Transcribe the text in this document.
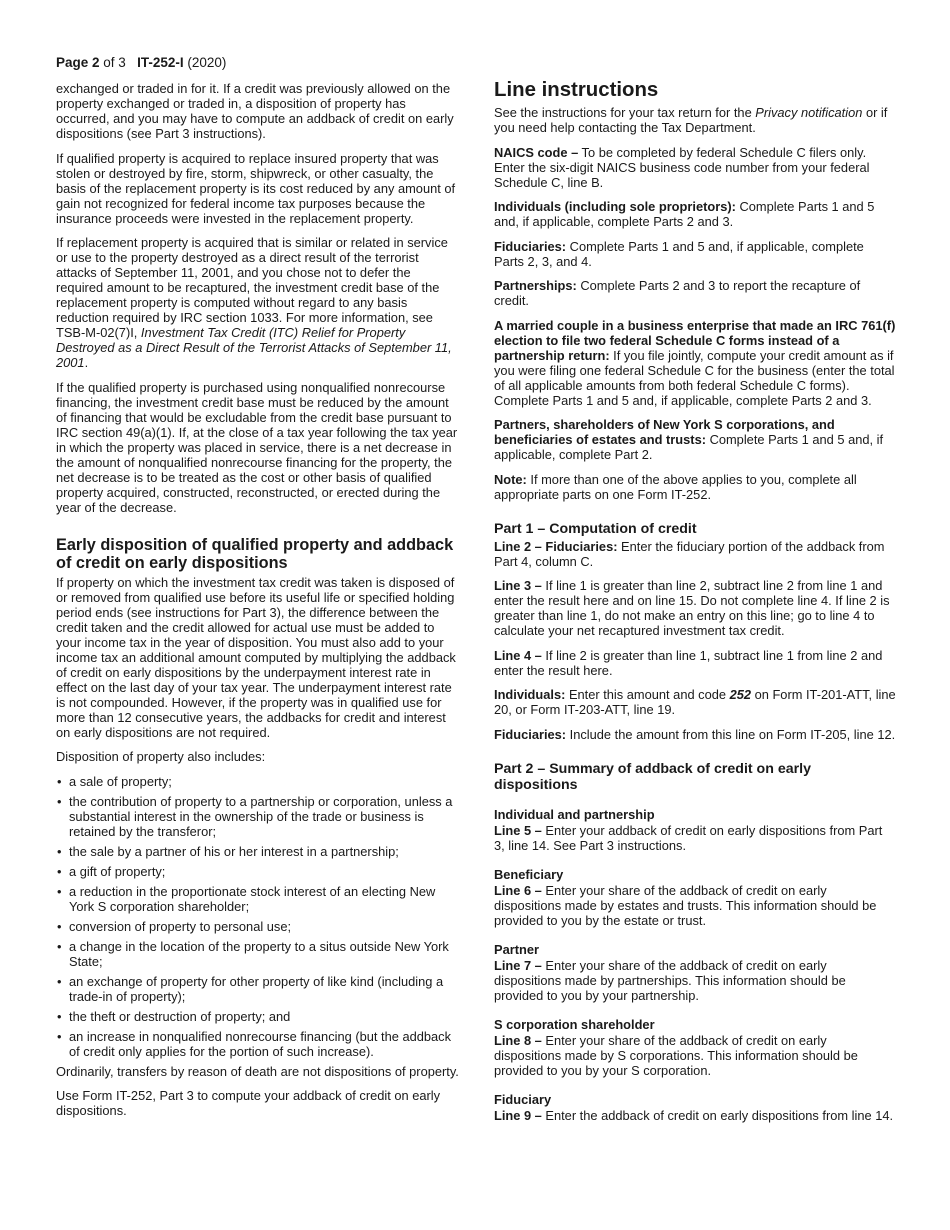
Page 2 of 3 IT-252-I (2020)

exchanged or traded in for it. If a credit was previously allowed on the property exchanged or traded in, a disposition of property has occurred, and you may have to compute an addback of credit on early dispositions (see Part 3 instructions).

If qualified property is acquired to replace insured property that was stolen or destroyed by fire, storm, shipwreck, or other casualty, the basis of the replacement property is its cost reduced by any amount of gain not recognized for federal income tax purposes because the insurance proceeds were invested in the replacement property.

If replacement property is acquired that is similar or related in service or use to the property destroyed as a direct result of the terrorist attacks of September 11, 2001, and you chose not to defer the required amount to be recaptured, the investment credit base of the replacement property is computed without regard to any basis reduction required by IRC section 1033. For more information, see TSB-M-02(7)I, Investment Tax Credit (ITC) Relief for Property Destroyed as a Direct Result of the Terrorist Attacks of September 11, 2001.

If the qualified property is purchased using nonqualified nonrecourse financing, the investment credit base must be reduced by the amount of financing that would be excludable from the credit base pursuant to IRC section 49(a)(1). If, at the close of a tax year following the tax year in which the property was placed in service, there is a net decrease in the amount of nonqualified nonrecourse financing for the property, the net decrease is to be treated as the cost or other basis of qualified property acquired, constructed, reconstructed, or erected during the year of the decrease.

Early disposition of qualified property and addback of credit on early dispositions

If property on which the investment tax credit was taken is disposed of or removed from qualified use before its useful life or specified holding period ends (see instructions for Part 3), the difference between the credit taken and the credit allowed for actual use must be added to your income tax in the year of disposition. You must also add to your income tax an additional amount computed by multiplying the addback of credit on early dispositions by the underpayment interest rate in effect on the last day of your tax year. The underpayment interest rate is not compounded. However, if the property was in qualified use for more than 12 consecutive years, the addbacks for credit and interest on early dispositions are not required.

Disposition of property also includes:

• a sale of property;
• the contribution of property to a partnership or corporation, unless a substantial interest in the ownership of the trade or business is retained by the transferor;
• the sale by a partner of his or her interest in a partnership;
• a gift of property;
• a reduction in the proportionate stock interest of an electing New York S corporation shareholder;
• conversion of property to personal use;
• a change in the location of the property to a situs outside New York State;
• an exchange of property for other property of like kind (including a trade-in of property);
• the theft or destruction of property; and
• an increase in nonqualified nonrecourse financing (but the addback of credit only applies for the portion of such increase).

Ordinarily, transfers by reason of death are not dispositions of property.

Use Form IT-252, Part 3 to compute your addback of credit on early dispositions.

Line instructions

See the instructions for your tax return for the Privacy notification or if you need help contacting the Tax Department.

NAICS code – To be completed by federal Schedule C filers only. Enter the six-digit NAICS business code number from your federal Schedule C, line B.

Individuals (including sole proprietors): Complete Parts 1 and 5 and, if applicable, complete Parts 2 and 3.

Fiduciaries: Complete Parts 1 and 5 and, if applicable, complete Parts 2, 3, and 4.

Partnerships: Complete Parts 2 and 3 to report the recapture of credit.

A married couple in a business enterprise that made an IRC 761(f) election to file two federal Schedule C forms instead of a partnership return: If you file jointly, compute your credit amount as if you were filing one federal Schedule C for the business (enter the total of all applicable amounts from both federal Schedule C forms). Complete Parts 1 and 5 and, if applicable, complete Parts 2 and 3.

Partners, shareholders of New York S corporations, and beneficiaries of estates and trusts: Complete Parts 1 and 5 and, if applicable, complete Part 2.

Note: If more than one of the above applies to you, complete all appropriate parts on one Form IT-252.

Part 1 – Computation of credit

Line 2 – Fiduciaries: Enter the fiduciary portion of the addback from Part 4, column C.

Line 3 – If line 1 is greater than line 2, subtract line 2 from line 1 and enter the result here and on line 15. Do not complete line 4. If line 2 is greater than line 1, do not make an entry on this line; go to line 4 to calculate your net recaptured investment tax credit.

Line 4 – If line 2 is greater than line 1, subtract line 1 from line 2 and enter the result here.

Individuals: Enter this amount and code 252 on Form IT-201-ATT, line 20, or Form IT-203-ATT, line 19.

Fiduciaries: Include the amount from this line on Form IT-205, line 12.

Part 2 – Summary of addback of credit on early dispositions
Individual and partnership

Line 5 – Enter your addback of credit on early dispositions from Part 3, line 14. See Part 3 instructions.

Beneficiary

Line 6 – Enter your share of the addback of credit on early dispositions made by estates and trusts. This information should be provided to you by the estate or trust.

Partner

Line 7 – Enter your share of the addback of credit on early dispositions made by partnerships. This information should be provided to you by your partnership.

S corporation shareholder

Line 8 – Enter your share of the addback of credit on early dispositions made by S corporations. This information should be provided to you by your S corporation.

Fiduciary

Line 9 – Enter the addback of credit on early dispositions from line 14.
